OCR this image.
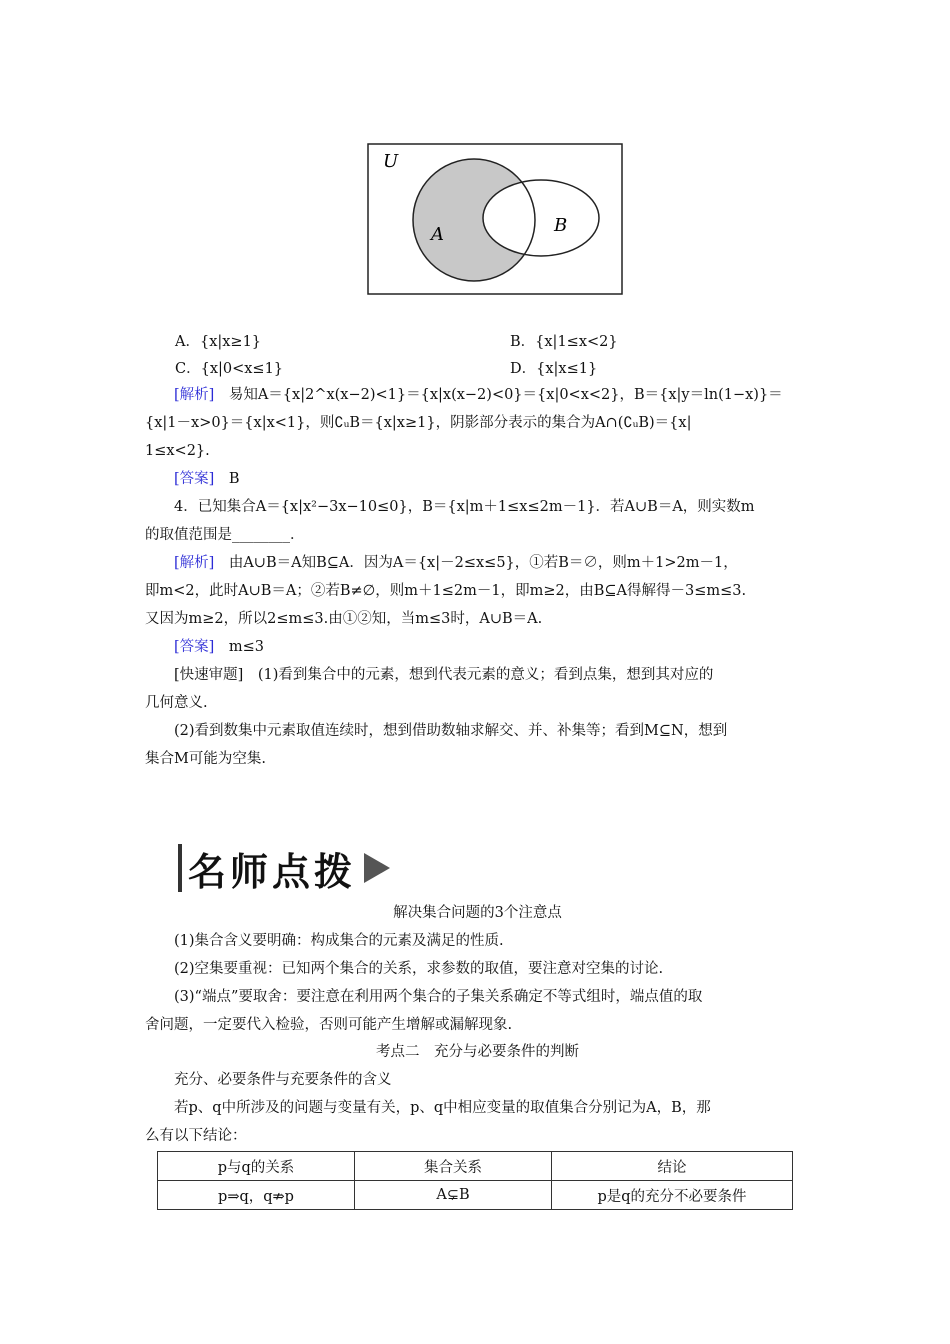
U
A	B
A．{x|x≥1}	B．{x|1≤x<2}
C．{x|0<x≤1}	D．{x|x≤1}
[解析]　易知A＝{x|2^x(x−2)<1}＝{x|x(x−2)<0}＝{x|0<x<2}，B＝{x|y＝ln(1−x)}＝
{x|1－x>0}＝{x|x<1}，则∁ᵤB＝{x|x≥1}，阴影部分表示的集合为A∩(∁ᵤB)＝{x|
1≤x<2}.
[答案]　B
4．已知集合A＝{x|x²−3x−10≤0}，B＝{x|m＋1≤x≤2m－1}．若A∪B＝A，则实数m
的取值范围是________．
[解析]　由A∪B＝A知B⊆A．因为A＝{x|－2≤x≤5}，①若B＝∅，则m＋1>2m－1，
即m<2，此时A∪B＝A；②若B≠∅，则m＋1≤2m－1，即m≥2，由B⊆A得解得－3≤m≤3.
又因为m≥2，所以2≤m≤3.由①②知，当m≤3时，A∪B＝A.
[答案]　m≤3
[快速审题]　(1)看到集合中的元素，想到代表元素的意义；看到点集，想到其对应的
几何意义.
(2)看到数集中元素取值连续时，想到借助数轴求解交、并、补集等；看到M⊆N，想到
集合M可能为空集.
名师点拨
解决集合问题的3个注意点
(1)集合含义要明确：构成集合的元素及满足的性质.
(2)空集要重视：已知两个集合的关系，求参数的取值，要注意对空集的讨论.
(3)“端点”要取舍：要注意在利用两个集合的子集关系确定不等式组时，端点值的取
舍问题，一定要代入检验，否则可能产生增解或漏解现象.
考点二　充分与必要条件的判断
充分、必要条件与充要条件的含义
若p、q中所涉及的问题与变量有关，p、q中相应变量的取值集合分别记为A，B，那
么有以下结论：
p与q的关系	集合关系	结论
p⇒q，q⇏p	A⊊B	p是q的充分不必要条件
